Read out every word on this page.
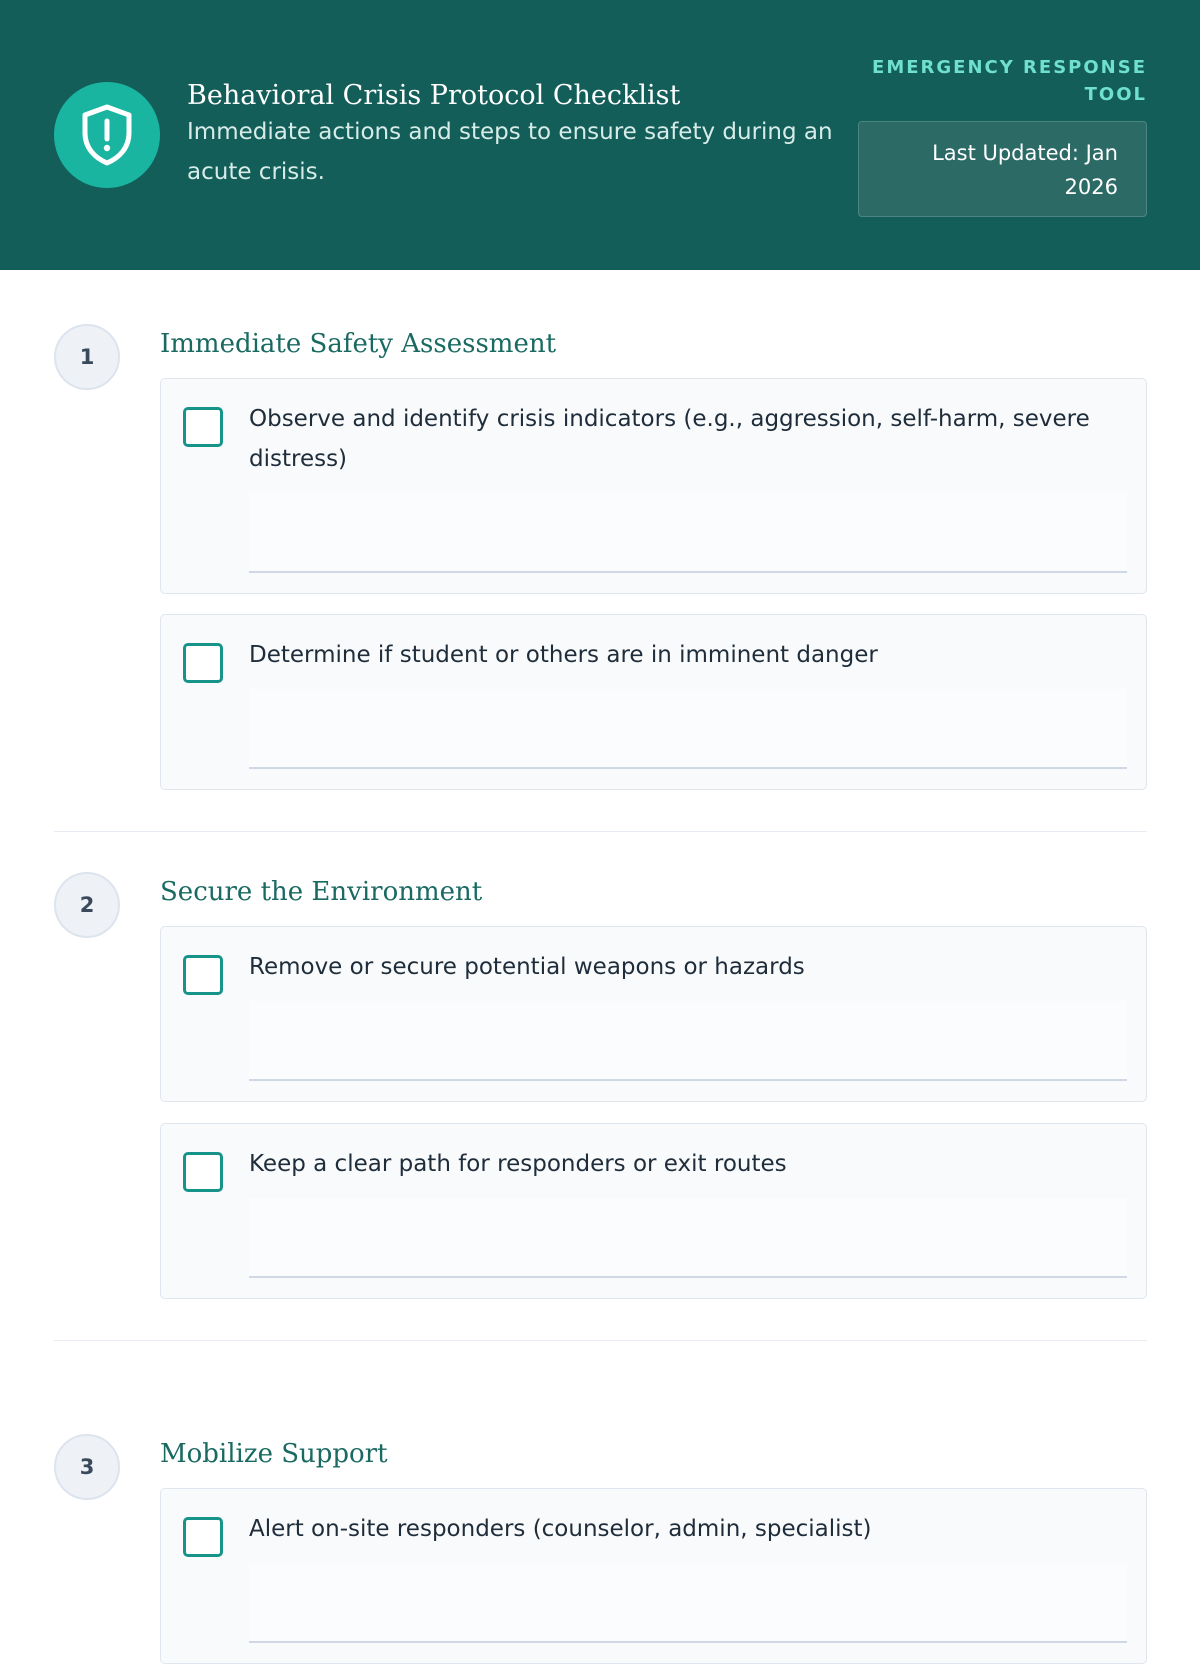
Behavioral Crisis Protocol Checklist
Immediate actions and steps to ensure safety during an acute crisis.
EMERGENCY RESPONSE TOOL
Last Updated: Jan 2026
1	Immediate Safety Assessment
Observe and identify crisis indicators (e.g., aggression, self-harm, severe distress)
Determine if student or others are in imminent danger
2	Secure the Environment
Remove or secure potential weapons or hazards
Keep a clear path for responders or exit routes
3	Mobilize Support
Alert on-site responders (counselor, admin, specialist)
